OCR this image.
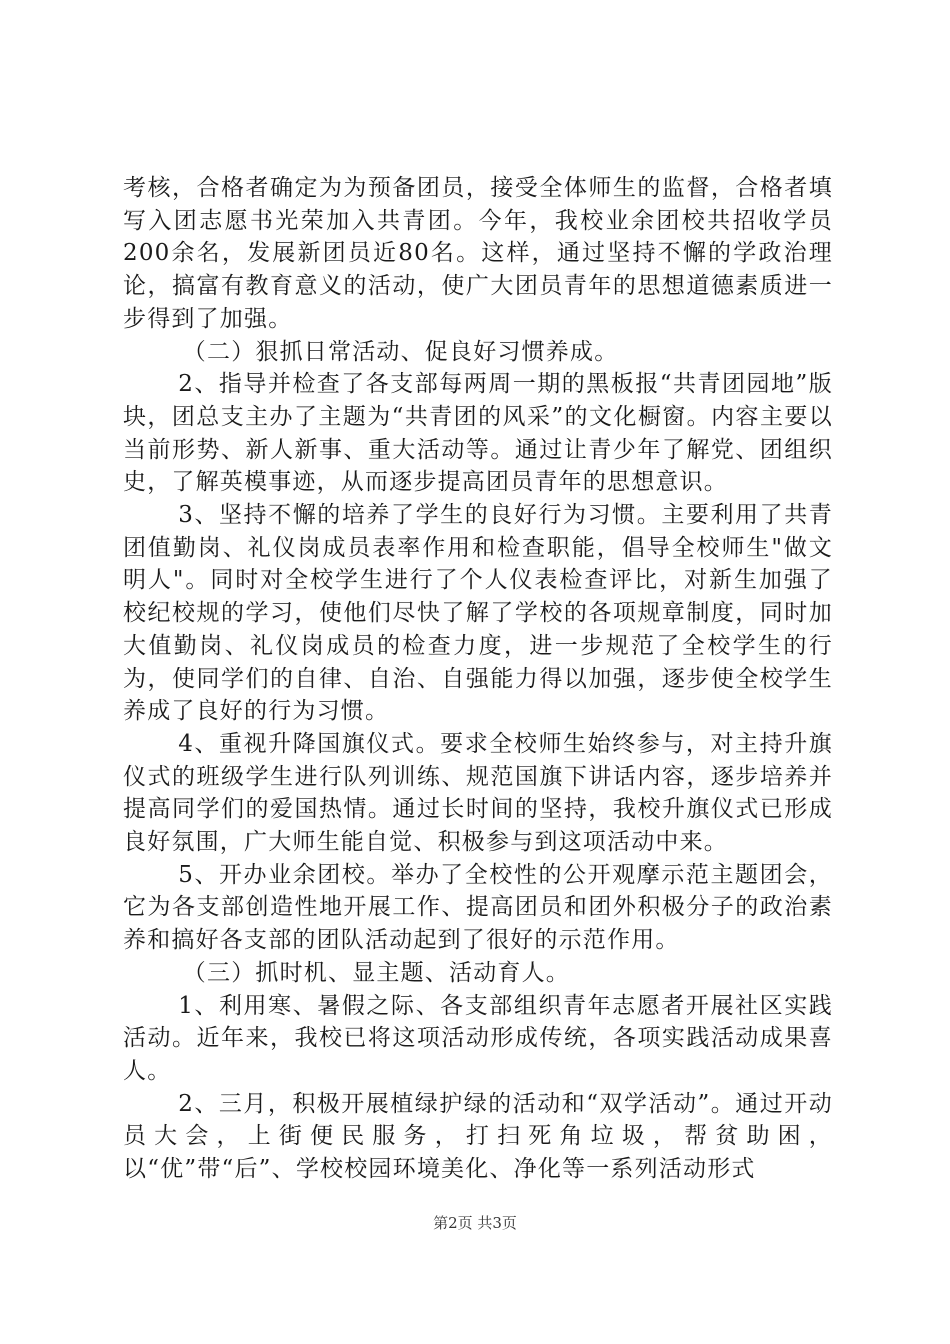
考核，合格者确定为为预备团员，接受全体师生的监督，合格者填写入团志愿书光荣加入共青团。今年，我校业余团校共招收学员200余名，发展新团员近80名。这样，通过坚持不懈的学政治理论，搞富有教育意义的活动，使广大团员青年的思想道德素质进一步得到了加强。

（二）狠抓日常活动、促良好习惯养成。

2、指导并检查了各支部每两周一期的黑板报“共青团园地”版块，团总支主办了主题为“共青团的风采”的文化橱窗。内容主要以当前形势、新人新事、重大活动等。通过让青少年了解党、团组织史，了解英模事迹，从而逐步提高团员青年的思想意识。

3、坚持不懈的培养了学生的良好行为习惯。主要利用了共青团值勤岗、礼仪岗成员表率作用和检查职能，倡导全校师生"做文明人"。同时对全校学生进行了个人仪表检查评比，对新生加强了校纪校规的学习，使他们尽快了解了学校的各项规章制度，同时加大值勤岗、礼仪岗成员的检查力度，进一步规范了全校学生的行为，使同学们的自律、自治、自强能力得以加强，逐步使全校学生养成了良好的行为习惯。

4、重视升降国旗仪式。要求全校师生始终参与，对主持升旗仪式的班级学生进行队列训练、规范国旗下讲话内容，逐步培养并提高同学们的爱国热情。通过长时间的坚持，我校升旗仪式已形成良好氛围，广大师生能自觉、积极参与到这项活动中来。

5、开办业余团校。举办了全校性的公开观摩示范主题团会，它为各支部创造性地开展工作、提高团员和团外积极分子的政治素养和搞好各支部的团队活动起到了很好的示范作用。

（三）抓时机、显主题、活动育人。

1、利用寒、暑假之际、各支部组织青年志愿者开展社区实践活动。近年来，我校已将这项活动形成传统，各项实践活动成果喜人。

2、三月，积极开展植绿护绿的活动和“双学活动”。通过开动员大会，上街便民服务，打扫死角垃圾，帮贫助困，以“优”带“后”、学校校园环境美化、净化等一系列活动形式

第2页 共3页
